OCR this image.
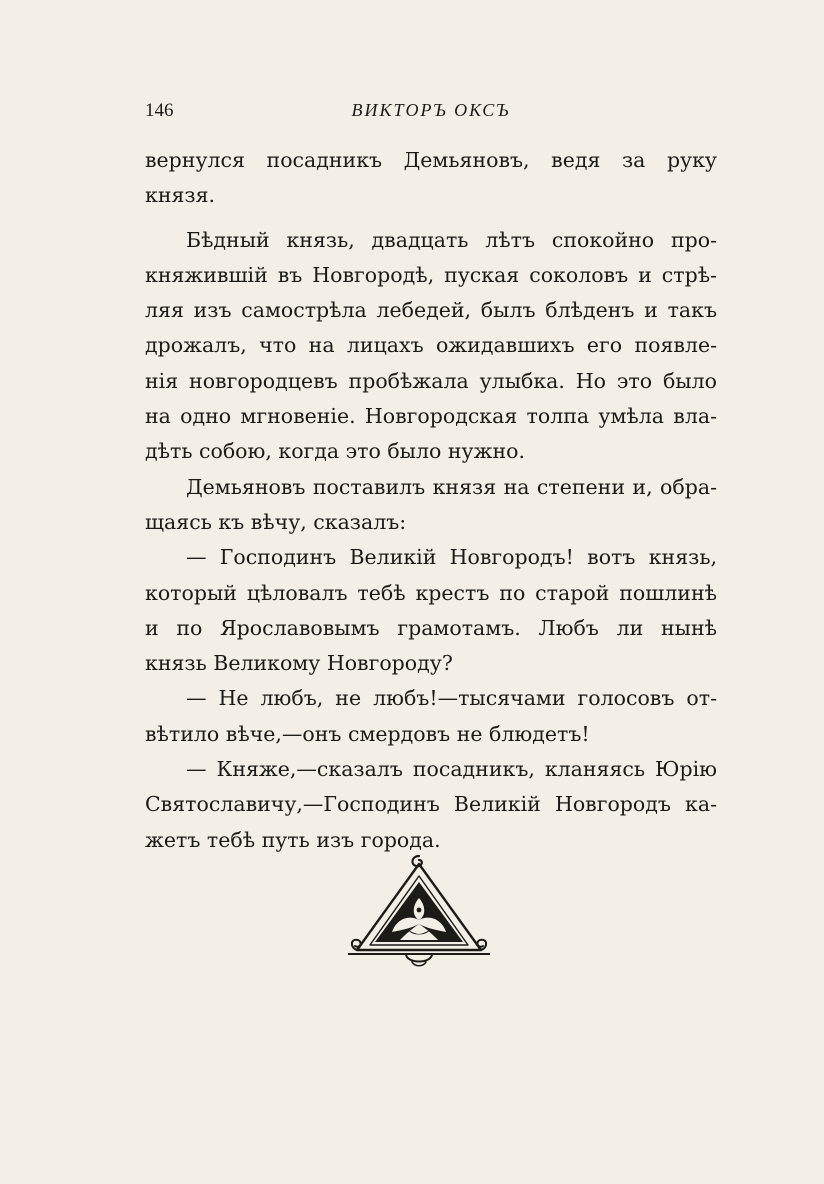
146	ВИКТОРЪ ОКСЪ
вернулся посадникъ Демьяновъ, ведя за руку
князя.
Бѣдный князь, двадцать лѣтъ спокойно про-
княжившій въ Новгородѣ, пуская соколовъ и стрѣ-
ляя изъ самострѣла лебедей, былъ блѣденъ и такъ
дрожалъ, что на лицахъ ожидавшихъ его появле-
нія новгородцевъ пробѣжала улыбка. Но это было
на одно мгновеніе. Новгородская толпа умѣла вла-
дѣть собою, когда это было нужно.
Демьяновъ поставилъ князя на степени и, обра-
щаясь къ вѣчу, сказалъ:
— Господинъ Великій Новгородъ! вотъ князь,
который цѣловалъ тебѣ крестъ по старой пошлинѣ
и по Ярославовымъ грамотамъ. Любъ ли нынѣ
князь Великому Новгороду?
— Не любъ, не любъ!—тысячами голосовъ от-
вѣтило вѣче,—онъ смердовъ не блюдетъ!
— Княже,—сказалъ посадникъ, кланяясь Юрію
Святославичу,—Господинъ Великій Новгородъ ка-
жетъ тебѣ путь изъ города.
